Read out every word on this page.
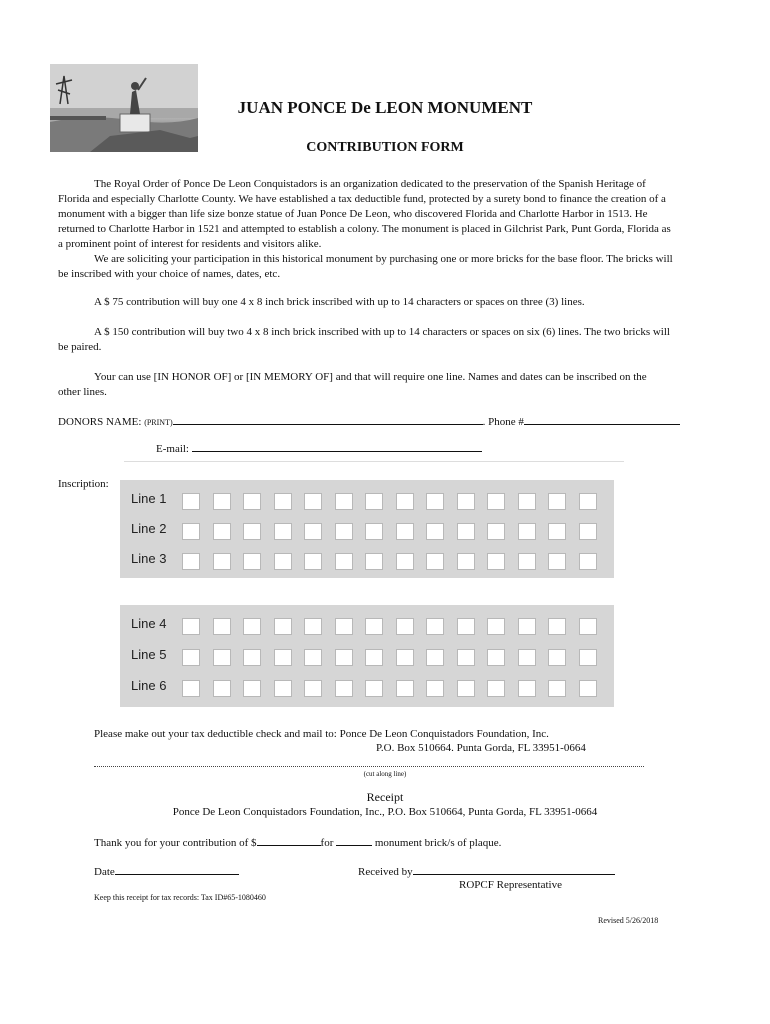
JUAN PONCE De LEON MONUMENT
CONTRIBUTION FORM

The Royal Order of Ponce De Leon Conquistadors is an organization dedicated to the preservation of the Spanish Heritage of Florida and especially Charlotte County. We have established a tax deductible fund, protected by a surety bond to finance the creation of a monument with a bigger than life size bonze statue of Juan Ponce De Leon, who discovered Florida and Charlotte Harbor in 1513. He returned to Charlotte Harbor in 1521 and attempted to establish a colony. The monument is placed in Gilchrist Park, Punt Gorda, Florida as a prominent point of interest for residents and visitors alike.

We are soliciting your participation in this historical monument by purchasing one or more bricks for the base floor. The bricks will be inscribed with your choice of names, dates, etc.

A $ 75 contribution will buy one 4 x 8 inch brick inscribed with up to 14 characters or spaces on three (3) lines.

A $ 150 contribution will buy two 4 x 8 inch brick inscribed with up to 14 characters or spaces on six (6) lines. The two bricks will be paired.

Your can use [IN HONOR OF] or [IN MEMORY OF] and that will require one line. Names and dates can be inscribed on the other lines.

DONORS NAME: (PRINT)	. Phone #
E-mail:
Inscription:
Line 1
Line 2
Line 3
Line 4
Line 5
Line 6
Please make out your tax deductible check and mail to: Ponce De Leon Conquistadors Foundation, Inc.
P.O. Box 510664. Punta Gorda, FL 33951-0664
(cut along line)
Receipt
Ponce De Leon Conquistadors Foundation, Inc., P.O. Box 510664, Punta Gorda, FL 33951-0664
Thank you for your contribution of $	for	monument brick/s of plaque.
Date	Received by
ROPCF Representative
Keep this receipt for tax records: Tax ID#65-1080460
Revised 5/26/2018
